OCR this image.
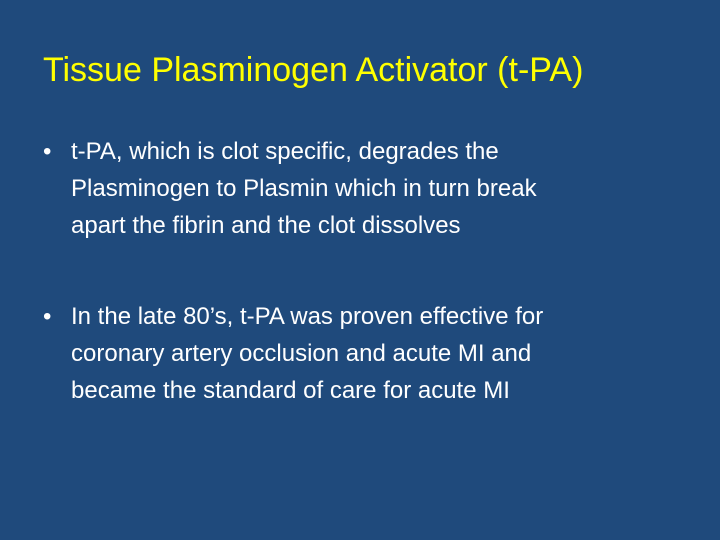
Tissue Plasminogen Activator (t-PA)
• t-PA, which is clot specific, degrades the
Plasminogen to Plasmin which in turn break
apart the fibrin and the clot dissolves
• In the late 80’s, t-PA was proven effective for
coronary artery occlusion and acute MI and
became the standard of care for acute MI
